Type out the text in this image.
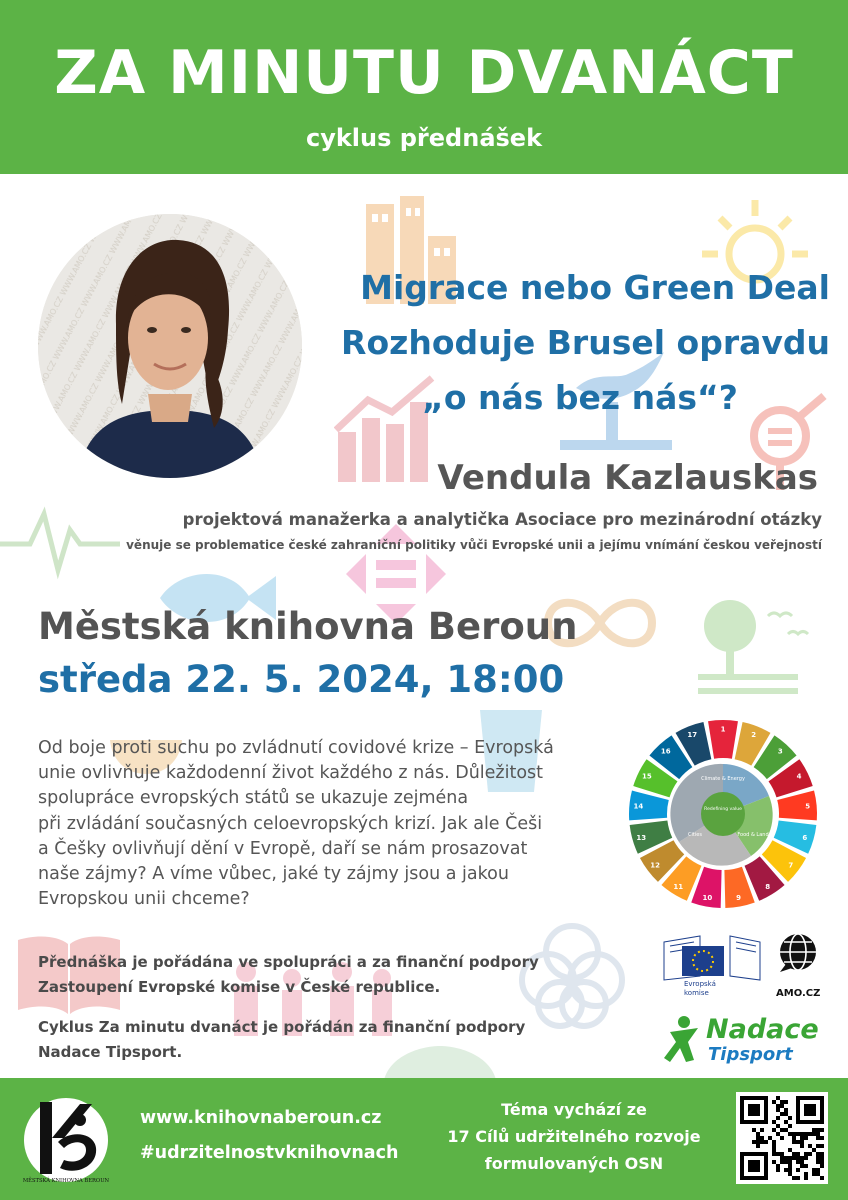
ZA MINUTU DVANÁCT
cyklus přednášek
Migrace nebo Green Deal
Rozhoduje Brusel opravdu

„o nás bez nás“?
Vendula Kazlauskas
projektová manažerka a analytička Asociace pro mezinárodní otázky
věnuje se problematice české zahraniční politiky vůči Evropské unii a jejímu vnímání českou veřejností
Městská knihovna Beroun
středa 22. 5. 2024, 18:00
Od boje proti suchu po zvládnutí covidové krize – Evropská
unie ovlivňuje každodenní život každého z nás. Důležitost
spolupráce evropských států se ukazuje zejména
při zvládání současných celoevropských krizí. Jak ale Češi
a Češky ovlivňují dění v Evropě, daří se nám prosazovat
naše zájmy? A víme vůbec, jaké ty zájmy jsou a jakou
Evropskou unii chceme?
17
1
2
3
4
5
6
7
8
9
10
11
12
13
14
15
16
Redefining value
Climate & Energy
Cities	Food & Land
Přednáška je pořádána ve spolupráci a za finanční podpory
Zastoupení Evropské komise v České republice.
Cyklus Za minutu dvanáct je pořádán za finanční podpory
Nadace Tipsport.
Evropská
komise	AMO.CZ
Nadace
Tipsport
MĚSTSKÁ KNIHOVNA BEROUN
www.knihovnaberoun.cz
#udrzitelnostvknihovnach
Téma vychází ze
17 Cílů udržitelného rozvoje
formulovaných OSN
